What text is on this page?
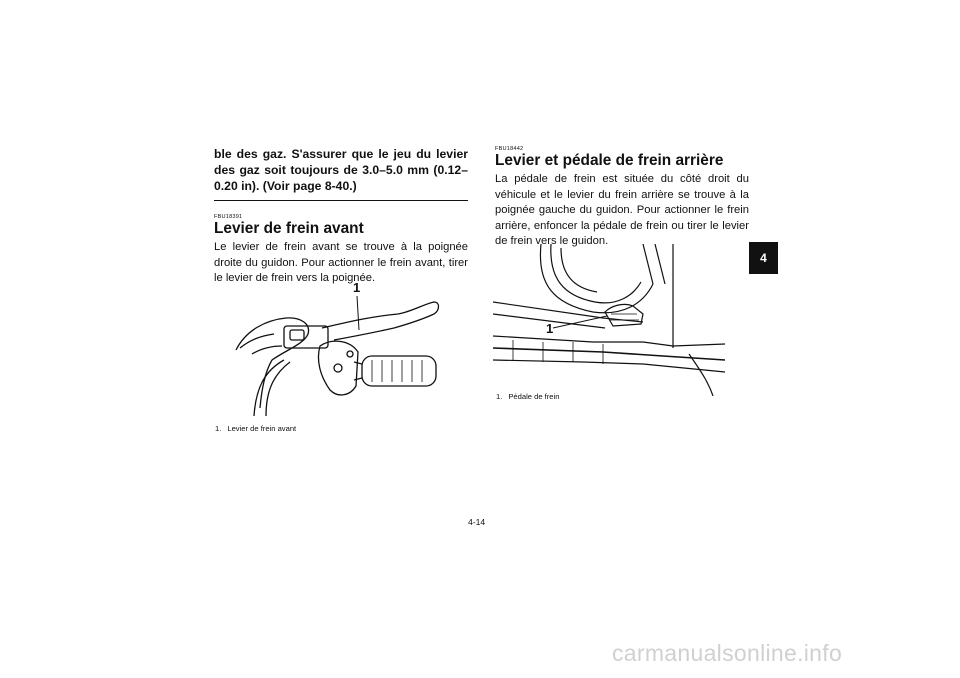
ble des gaz. S'assurer que le jeu du levier des gaz soit toujours de 3.0–5.0 mm (0.12–0.20 in). (Voir page 8-40.)

FBU18391

Levier de frein avant

Le levier de frein avant se trouve à la poignée droite du guidon. Pour actionner le frein avant, tirer le levier de frein vers la poignée.

1
1. Levier de frein avant

FBU18442

Levier et pédale de frein arrière

La pédale de frein est située du côté droit du véhicule et le levier du frein arrière se trouve à la poignée gauche du guidon. Pour actionner le frein arrière, enfoncer la pédale de frein ou tirer le levier de frein vers le guidon.

1
1. Pédale de frein
4-14
4
carmanualsonline.info
